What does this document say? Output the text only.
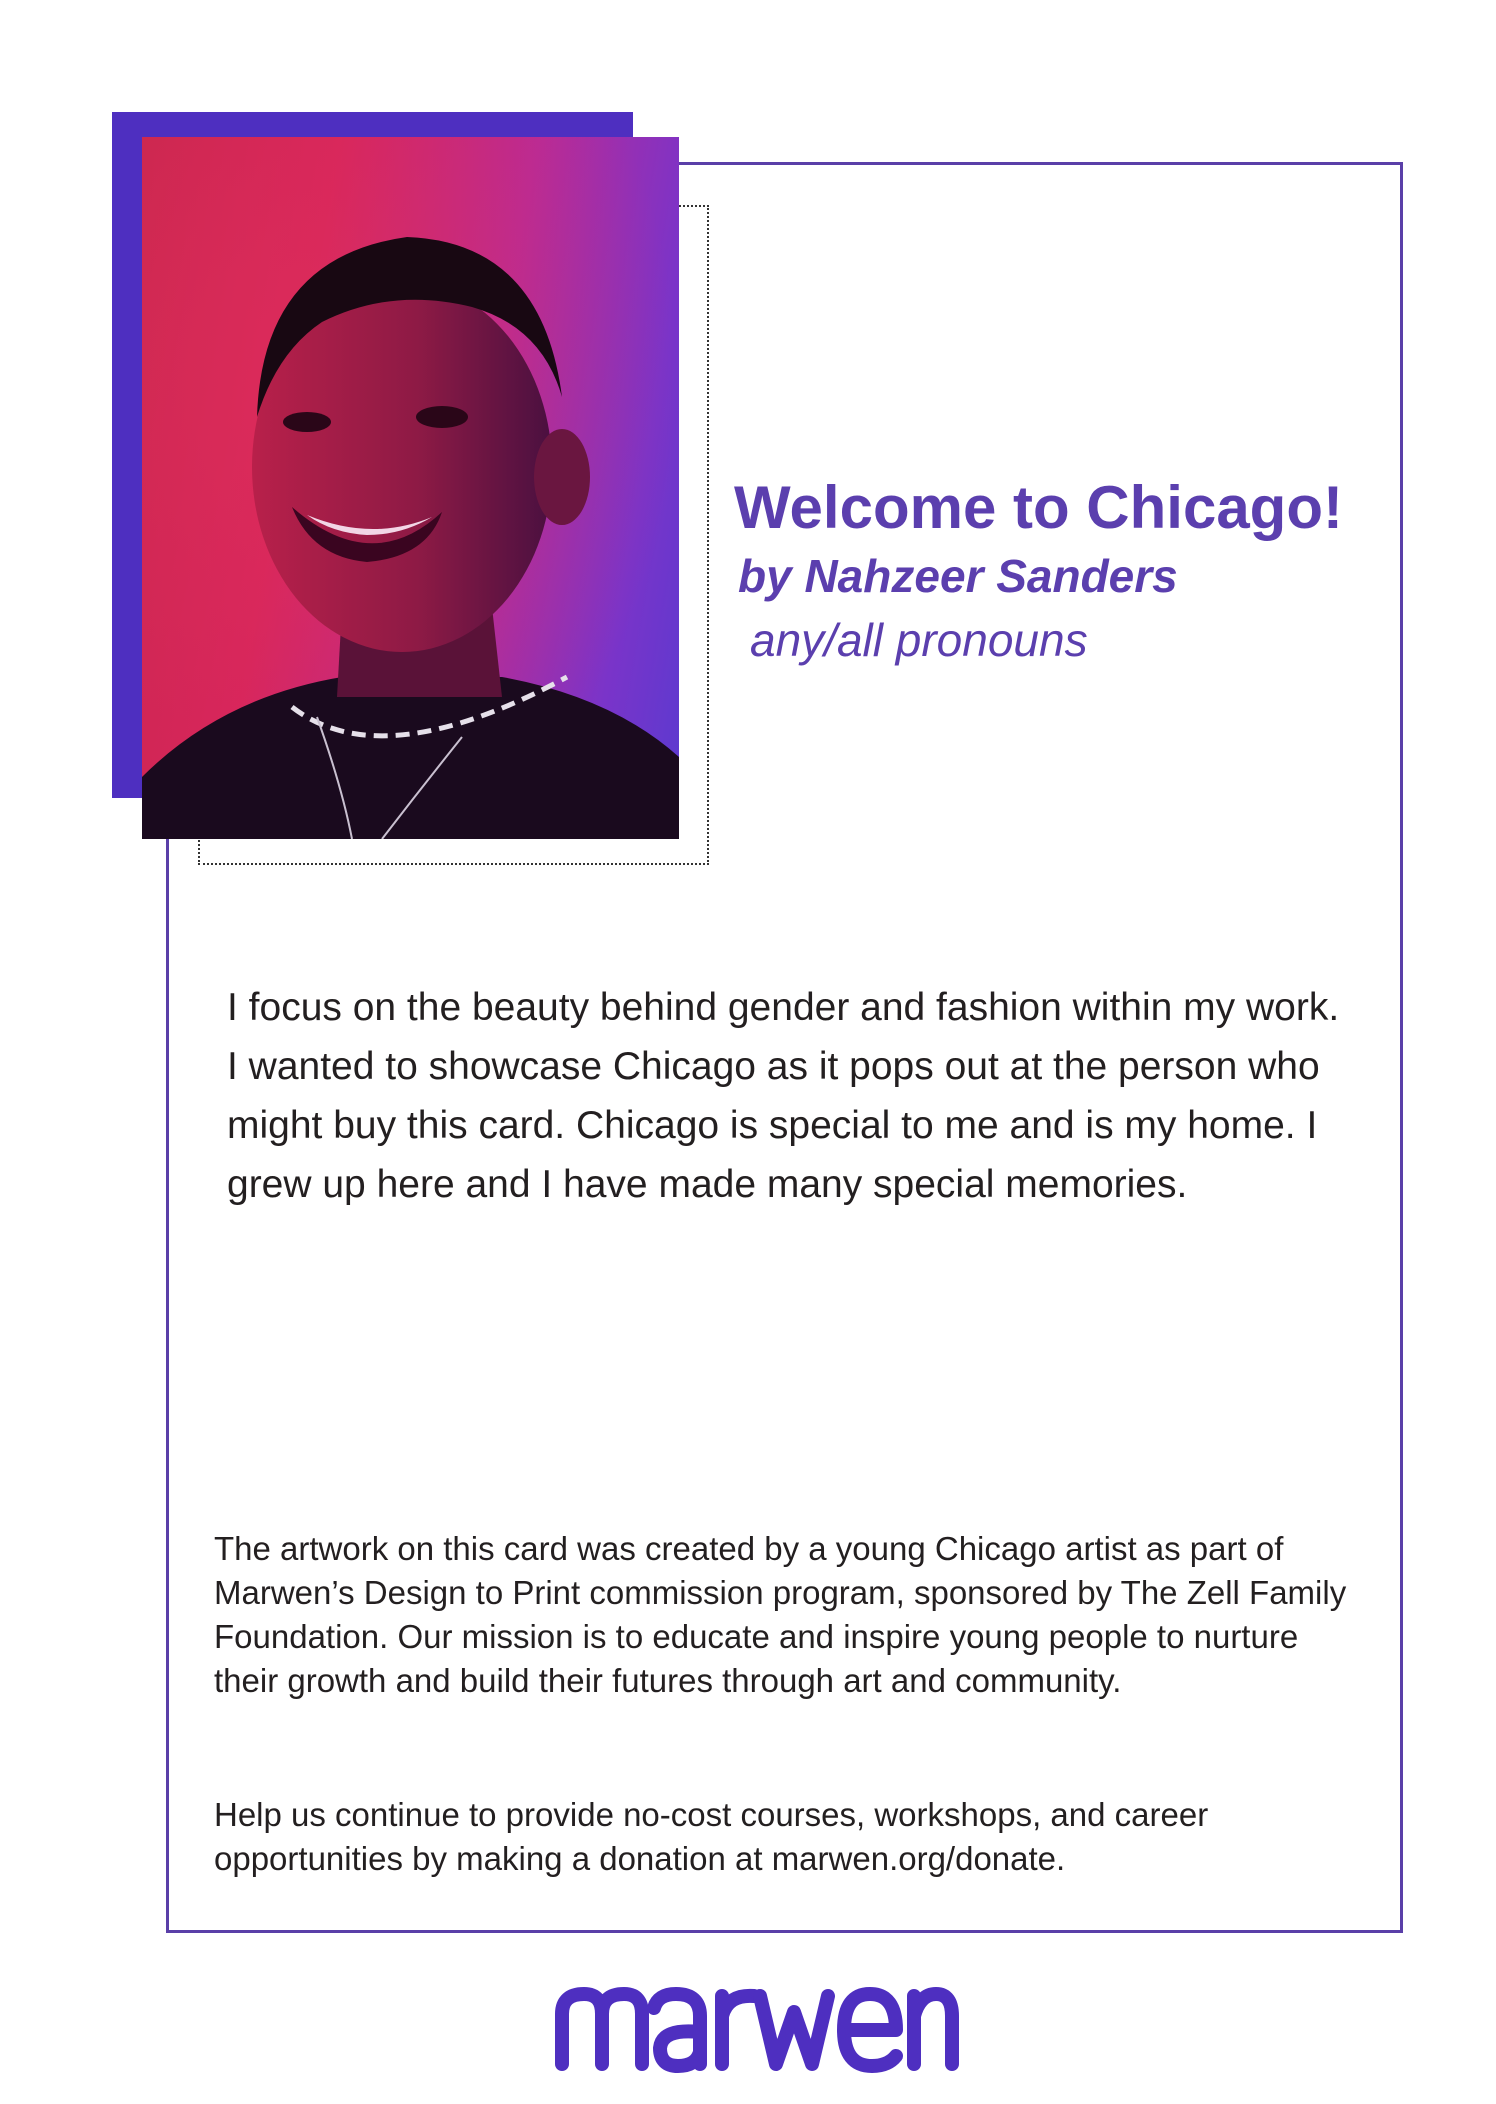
Welcome to Chicago!

by Nahzeer Sanders

any/all pronouns

I focus on the beauty behind gender and fashion within my work. I wanted to showcase Chicago as it pops out at the person who might buy this card. Chicago is special to me and is my home. I grew up here and I have made many special memories.

The artwork on this card was created by a young Chicago artist as part of Marwen’s Design to Print commission program, sponsored by The Zell Family Foundation. Our mission is to educate and inspire young people to nurture their growth and build their futures through art and community.

Help us continue to provide no-cost courses, workshops, and career opportunities by making a donation at marwen.org/donate.
